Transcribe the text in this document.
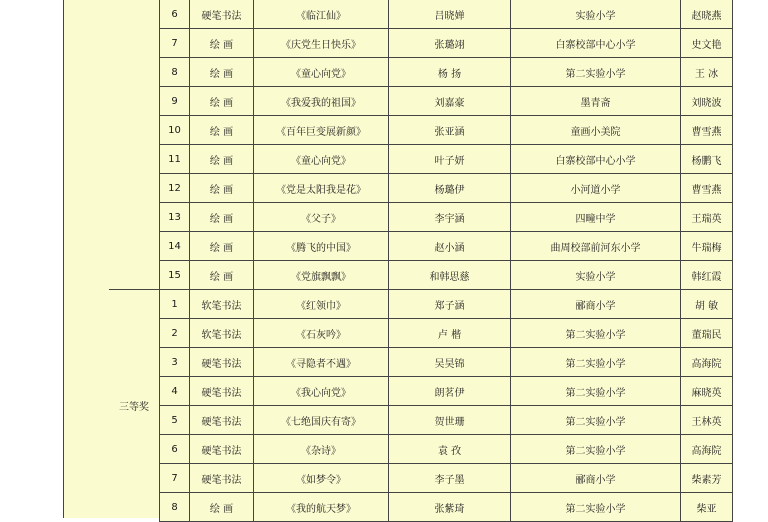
三等奖
6	硬笔书法	《临江仙》	吕晓婵	实验小学	赵晓燕
7	绘 画	《庆党生日快乐》	张璐翊	白寨校部中心小学	史文艳
8	绘 画	《童心向党》	杨 扬	第二实验小学	王 冰
9	绘 画	《我爱我的祖国》	刘嘉豪	墨青斋	刘晓波
10	绘 画	《百年巨变展新颜》	张亚涵	童画小美院	曹雪燕
11	绘 画	《童心向党》	叶子妍	白寨校部中心小学	杨鹏飞
12	绘 画	《党是太阳我是花》	杨璐伊	小河道小学	曹雪燕
13	绘 画	《父子》	李宇涵	四疃中学	王瑞英
14	绘 画	《腾飞的中国》	赵小涵	曲周校部前河东小学	牛瑞梅
15	绘 画	《党旗飘飘》	和韩思慈	实验小学	韩红霞
1	软笔书法	《红领巾》	郑子涵	郦商小学	胡 敏
2	软笔书法	《石灰吟》	卢 楷	第二实验小学	董瑞民
3	硬笔书法	《寻隐者不遇》	吴昊锦	第二实验小学	高海院
4	硬笔书法	《我心向党》	朗茗伊	第二实验小学	麻晓英
5	硬笔书法	《七绝国庆有寄》	贺世珊	第二实验小学	王林英
6	硬笔书法	《杂诗》	袁 孜	第二实验小学	高海院
7	硬笔书法	《如梦令》	李子墨	郦商小学	柴素芳
8	绘 画	《我的航天梦》	张紫琦	第二实验小学	柴亚
